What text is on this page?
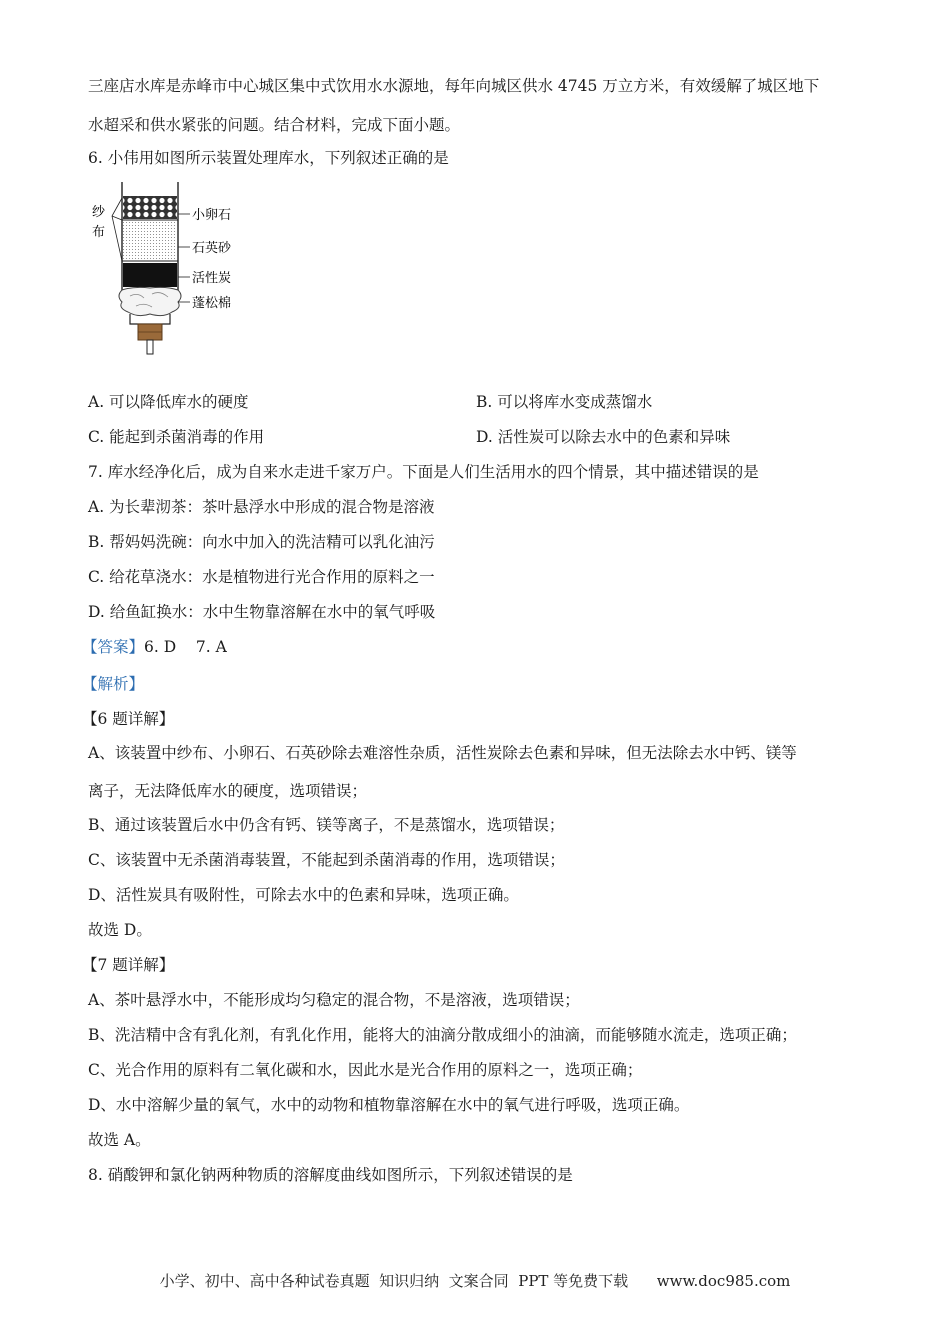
三座店水库是赤峰市中心城区集中式饮用水水源地，每年向城区供水 4745 万立方米，有效缓解了城区地下
水超采和供水紧张的问题。结合材料，完成下面小题。
6. 小伟用如图所示装置处理库水，下列叙述正确的是
纱
布
小卵石
石英砂
活性炭
蓬松棉
A. 可以降低库水的硬度	B. 可以将库水变成蒸馏水
C. 能起到杀菌消毒的作用	D. 活性炭可以除去水中的色素和异味
7. 库水经净化后，成为自来水走进千家万户。下面是人们生活用水的四个情景，其中描述错误的是
A. 为长辈沏茶：茶叶悬浮水中形成的混合物是溶液
B. 帮妈妈洗碗：向水中加入的洗洁精可以乳化油污
C. 给花草浇水：水是植物进行光合作用的原料之一
D. 给鱼缸换水：水中生物靠溶解在水中的氧气呼吸
【答案】6. D    7. A
【解析】
【6 题详解】
A、该装置中纱布、小卵石、石英砂除去难溶性杂质，活性炭除去色素和异味，但无法除去水中钙、镁等
离子，无法降低库水的硬度，选项错误；
B、通过该装置后水中仍含有钙、镁等离子，不是蒸馏水，选项错误；
C、该装置中无杀菌消毒装置，不能起到杀菌消毒的作用，选项错误；
D、活性炭具有吸附性，可除去水中的色素和异味，选项正确。
故选 D。
【7 题详解】
A、茶叶悬浮水中，不能形成均匀稳定的混合物，不是溶液，选项错误；
B、洗洁精中含有乳化剂，有乳化作用，能将大的油滴分散成细小的油滴，而能够随水流走，选项正确；
C、光合作用的原料有二氧化碳和水，因此水是光合作用的原料之一，选项正确；
D、水中溶解少量的氧气，水中的动物和植物靠溶解在水中的氧气进行呼吸，选项正确。
故选 A。
8. 硝酸钾和氯化钠两种物质的溶解度曲线如图所示，下列叙述错误的是
小学、初中、高中各种试卷真题  知识归纳  文案合同  PPT 等免费下载      www.doc985.com
